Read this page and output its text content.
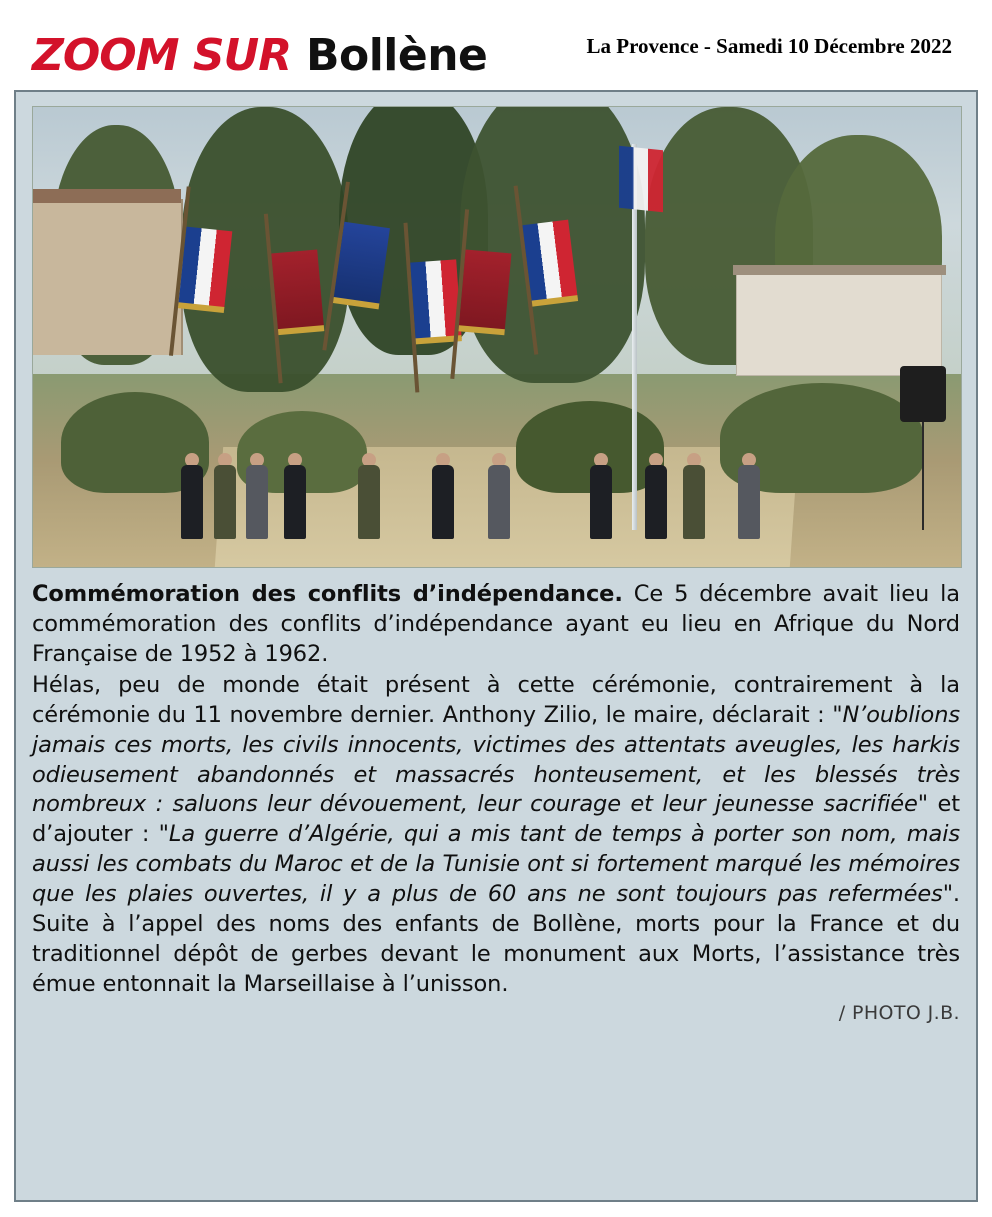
ZOOM SUR Bollène	La Provence - Samedi 10 Décembre 2022

Commémoration des conflits d’indépendance. Ce 5 décembre avait lieu la commémoration des conflits d’indépendance ayant eu lieu en Afrique du Nord Française de 1952 à 1962.

Hélas, peu de monde était présent à cette cérémonie, contrairement à la cérémonie du 11 novembre dernier. Anthony Zilio, le maire, déclarait : "N’oublions jamais ces morts, les civils innocents, victimes des attentats aveugles, les harkis odieusement abandonnés et massacrés honteusement, et les blessés très nombreux : saluons leur dévouement, leur courage et leur jeunesse sacrifiée" et d’ajouter : "La guerre d’Algérie, qui a mis tant de temps à porter son nom, mais aussi les combats du Maroc et de la Tunisie ont si fortement marqué les mémoires que les plaies ouvertes, il y a plus de 60 ans ne sont toujours pas refermées". Suite à l’appel des noms des enfants de Bollène, morts pour la France et du traditionnel dépôt de gerbes devant le monument aux Morts, l’assistance très émue entonnait la Marseillaise à l’unisson.

/ PHOTO J.B.
